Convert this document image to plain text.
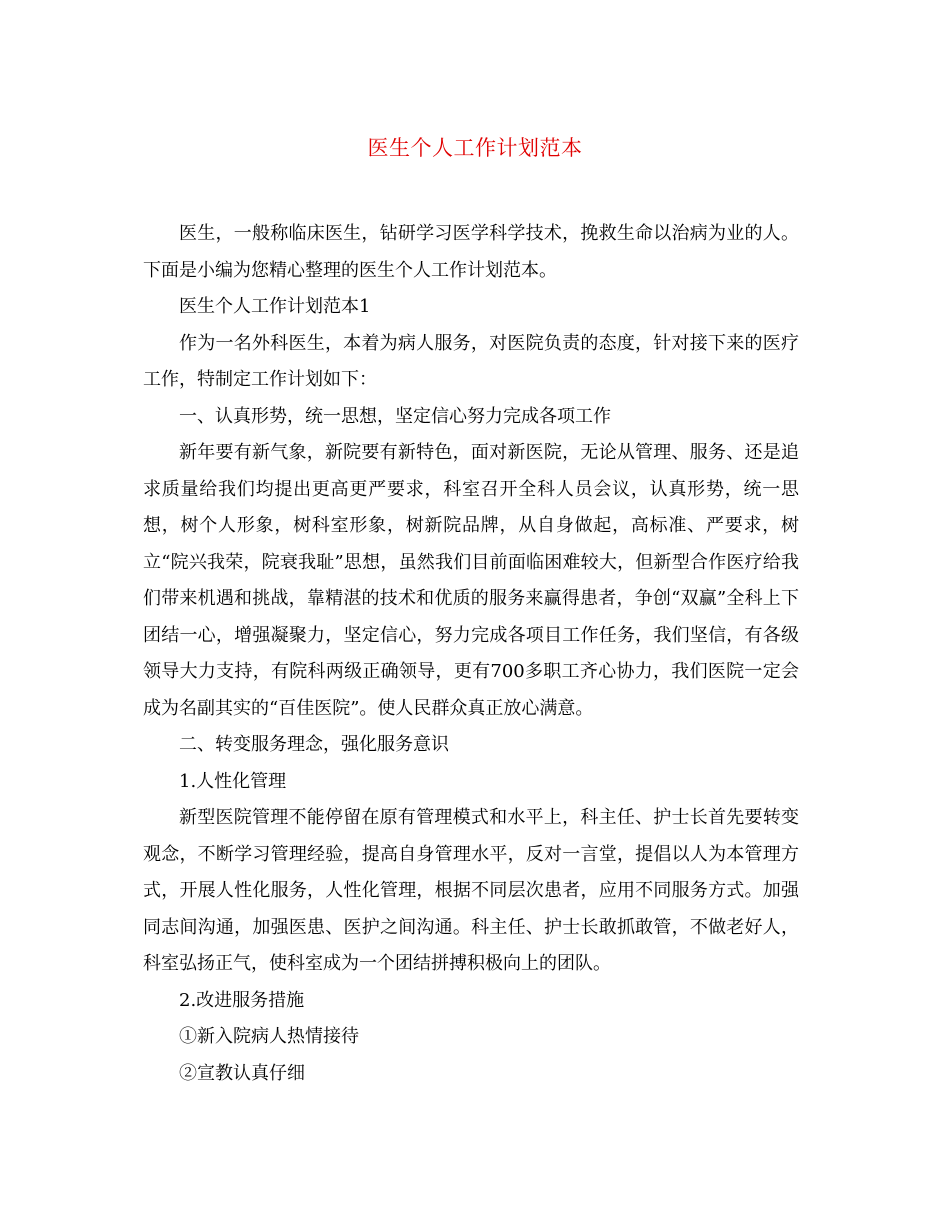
医生个人工作计划范本

医生，一般称临床医生，钻研学习医学科学技术，挽救生命以治病为业的人。下面是小编为您精心整理的医生个人工作计划范本。

医生个人工作计划范本1

作为一名外科医生，本着为病人服务，对医院负责的态度，针对接下来的医疗工作，特制定工作计划如下：

一、认真形势，统一思想，坚定信心努力完成各项工作

新年要有新气象，新院要有新特色，面对新医院，无论从管理、服务、还是追求质量给我们均提出更高更严要求，科室召开全科人员会议，认真形势，统一思想，树个人形象，树科室形象，树新院品牌，从自身做起，高标准、严要求，树立“院兴我荣，院衰我耻”思想，虽然我们目前面临困难较大，但新型合作医疗给我们带来机遇和挑战，靠精湛的技术和优质的服务来赢得患者，争创“双赢”全科上下团结一心，增强凝聚力，坚定信心，努力完成各项目工作任务，我们坚信，有各级领导大力支持，有院科两级正确领导，更有700多职工齐心协力，我们医院一定会成为名副其实的“百佳医院”。使人民群众真正放心满意。

二、转变服务理念，强化服务意识

1.人性化管理

新型医院管理不能停留在原有管理模式和水平上，科主任、护士长首先要转变观念，不断学习管理经验，提高自身管理水平，反对一言堂，提倡以人为本管理方式，开展人性化服务，人性化管理，根据不同层次患者，应用不同服务方式。加强同志间沟通，加强医患、医护之间沟通。科主任、护士长敢抓敢管，不做老好人，科室弘扬正气，使科室成为一个团结拼搏积极向上的团队。

2.改进服务措施

①新入院病人热情接待

②宣教认真仔细
